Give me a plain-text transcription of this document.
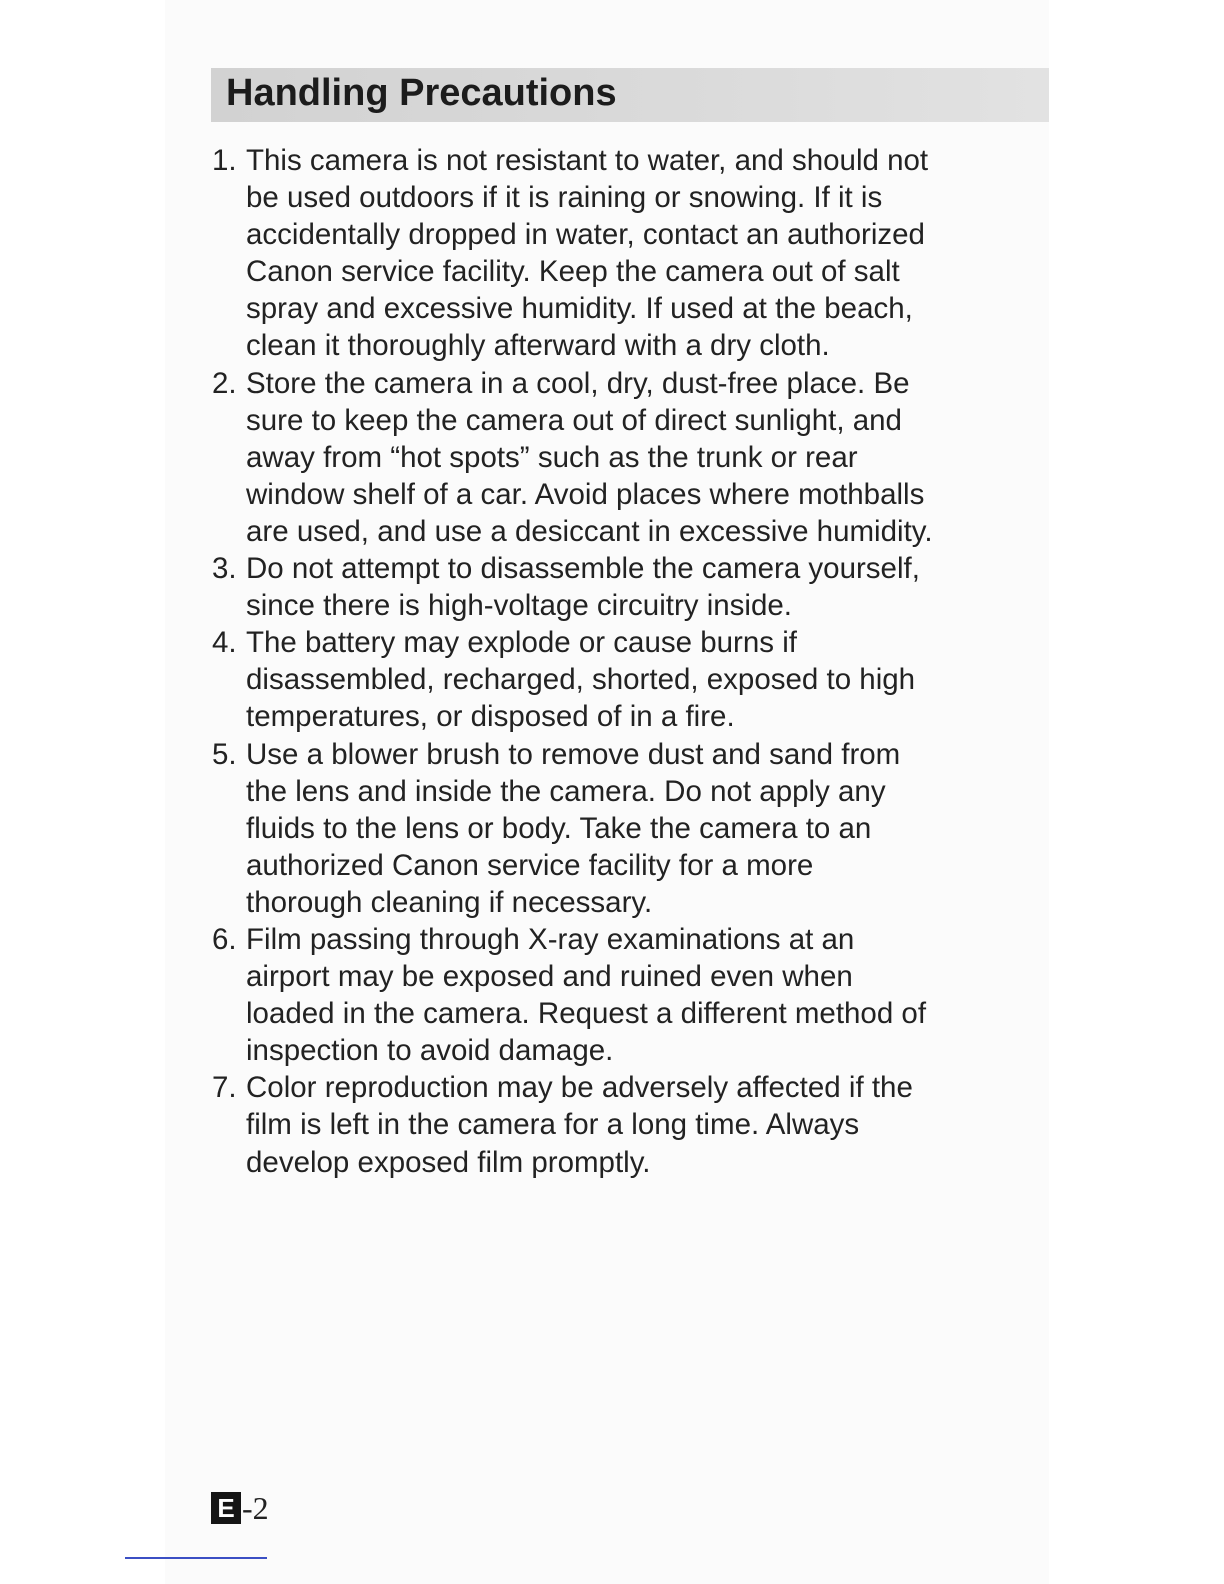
Handling Precautions
1. This camera is not resistant to water, and should not
be used outdoors if it is raining or snowing. If it is
accidentally dropped in water, contact an authorized
Canon service facility. Keep the camera out of salt
spray and excessive humidity. If used at the beach,
clean it thoroughly afterward with a dry cloth.
2. Store the camera in a cool, dry, dust-free place. Be
sure to keep the camera out of direct sunlight, and
away from “hot spots” such as the trunk or rear
window shelf of a car. Avoid places where mothballs
are used, and use a desiccant in excessive humidity.
3. Do not attempt to disassemble the camera yourself,
since there is high-voltage circuitry inside.
4. The battery may explode or cause burns if
disassembled, recharged, shorted, exposed to high
temperatures, or disposed of in a fire.
5. Use a blower brush to remove dust and sand from
the lens and inside the camera. Do not apply any
fluids to the lens or body. Take the camera to an
authorized Canon service facility for a more
thorough cleaning if necessary.
6. Film passing through X-ray examinations at an
airport may be exposed and ruined even when
loaded in the camera. Request a different method of
inspection to avoid damage.
7. Color reproduction may be adversely affected if the
film is left in the camera for a long time. Always
develop exposed film promptly.
E -2
